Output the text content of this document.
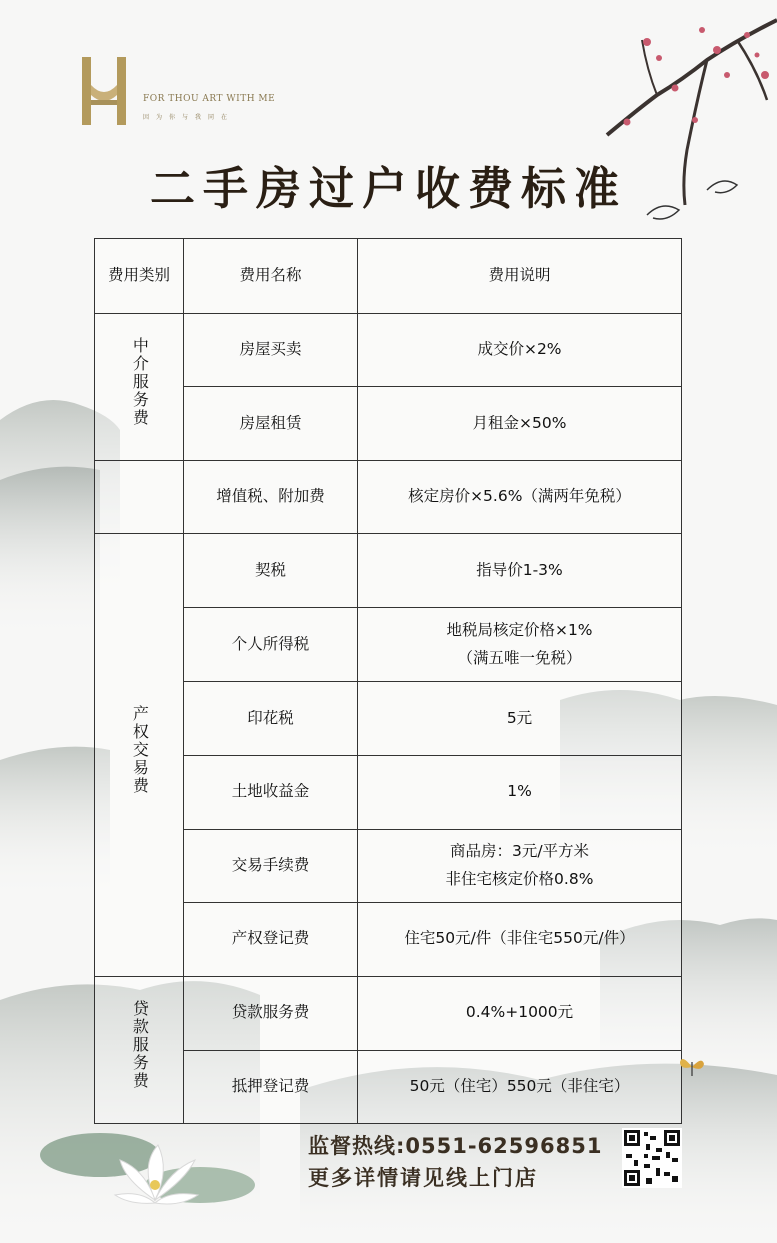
FOR THOU ART WITH ME
因为你与我同在
二手房过户收费标准
费用类别	费用名称	费用说明
中介服务费	房屋买卖	成交价×2%
	房屋租赁	月租金×50%
	增值税、附加费	核定房价×5.6%（满两年免税）
产权交易费	契税	指导价1-3%
	个人所得税	地税局核定价格×1%
（满五唯一免税）

	印花税	5元
	土地收益金	1%
	交易手续费	商品房：3元/平方米
非住宅核定价格0.8%

	产权登记费	住宅50元/件（非住宅550元/件）
贷款服务费	贷款服务费	0.4%+1000元
	抵押登记费	50元（住宅）550元（非住宅）
监督热线:0551-62596851
更多详情请见线上门店
